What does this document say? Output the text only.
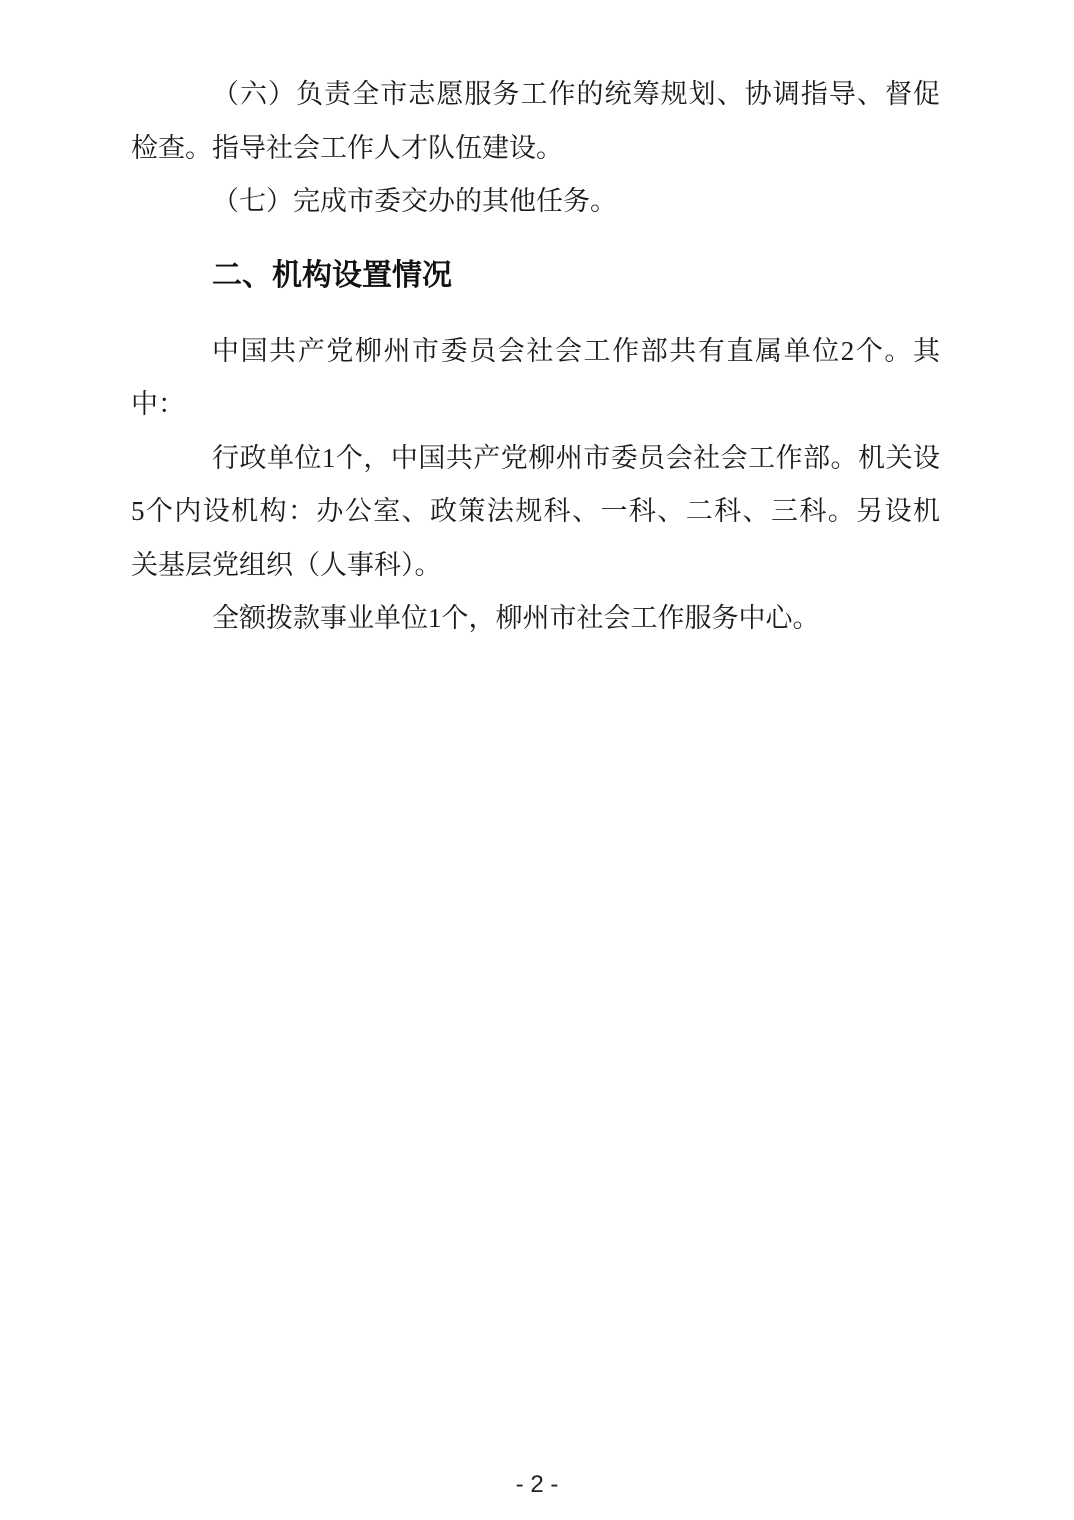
（六）负责全市志愿服务工作的统筹规划、协调指导、督促
检查。指导社会工作人才队伍建设。
（七）完成市委交办的其他任务。
二、机构设置情况
中国共产党柳州市委员会社会工作部共有直属单位2个。其
中：
行政单位1个，中国共产党柳州市委员会社会工作部。机关设
5个内设机构：办公室、政策法规科、一科、二科、三科。另设机
关基层党组织（人事科）。
全额拨款事业单位1个，柳州市社会工作服务中心。
- 2 -
